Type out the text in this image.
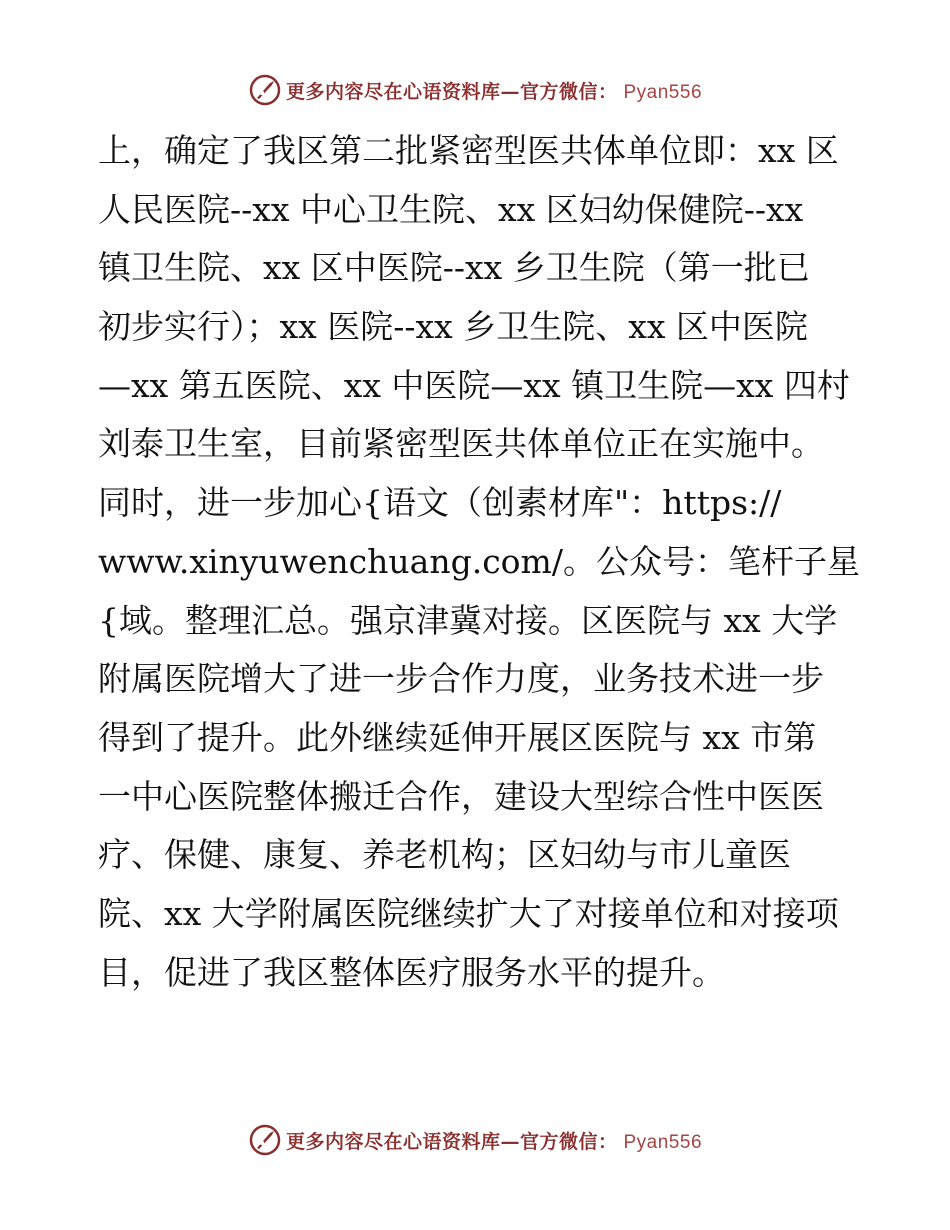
更多内容尽在心语资料库—官方微信： Pyan556
上，确定了我区第二批紧密型医共体单位即：xx 区
人民医院--xx 中心卫生院、xx 区妇幼保健院--xx
镇卫生院、xx 区中医院--xx 乡卫生院（第一批已
初步实行）；xx 医院--xx 乡卫生院、xx 区中医院
—xx 第五医院、xx 中医院—xx 镇卫生院—xx 四村
刘泰卫生室，目前紧密型医共体单位正在实施中。
同时，进一步加心{语文（创素材库"：https://
www.xinyuwenchuang.com/。公众号：笔杆子星
{域。整理汇总。强京津冀对接。区医院与 xx 大学
附属医院增大了进一步合作力度，业务技术进一步
得到了提升。此外继续延伸开展区医院与 xx 市第
一中心医院整体搬迁合作，建设大型综合性中医医
疗、保健、康复、养老机构；区妇幼与市儿童医
院、xx 大学附属医院继续扩大了对接单位和对接项
目，促进了我区整体医疗服务水平的提升。
更多内容尽在心语资料库—官方微信： Pyan556
